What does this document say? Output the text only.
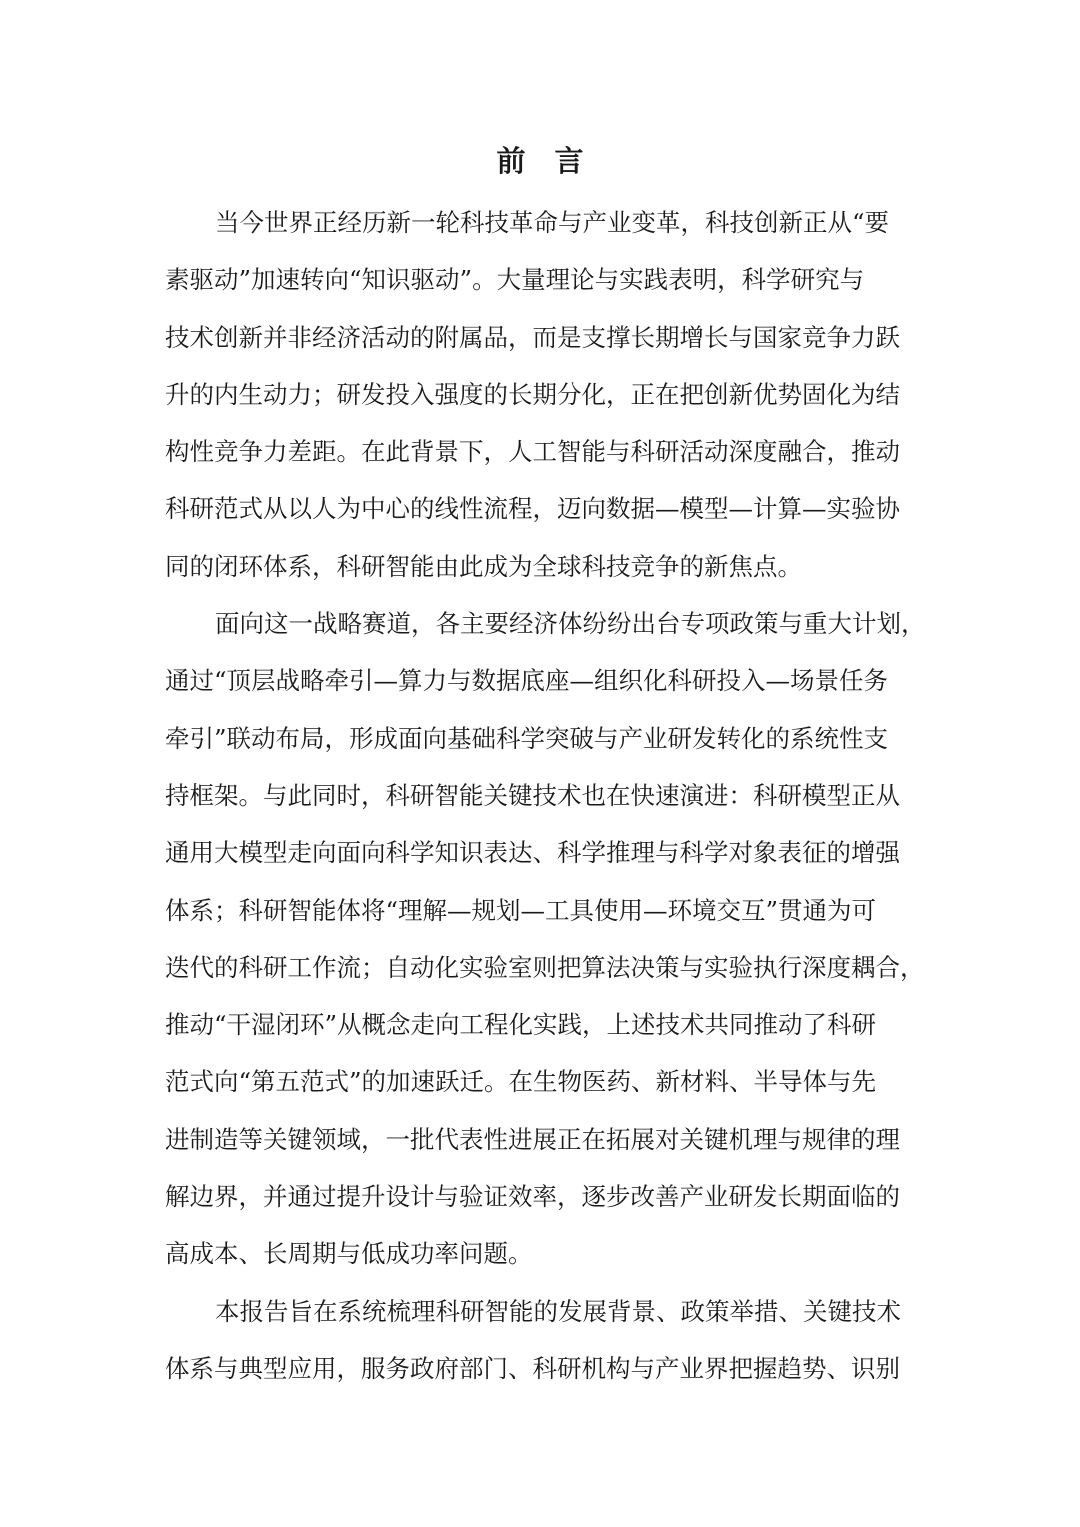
前 言
当今世界正经历新一轮科技革命与产业变革，科技创新正从“要
素驱动”加速转向“知识驱动”。大量理论与实践表明，科学研究与
技术创新并非经济活动的附属品，而是支撑长期增长与国家竞争力跃
升的内生动力；研发投入强度的长期分化，正在把创新优势固化为结
构性竞争力差距。在此背景下，人工智能与科研活动深度融合，推动
科研范式从以人为中心的线性流程，迈向数据—模型—计算—实验协
同的闭环体系，科研智能由此成为全球科技竞争的新焦点。
面向这一战略赛道，各主要经济体纷纷出台专项政策与重大计划，
通过“顶层战略牵引—算力与数据底座—组织化科研投入—场景任务
牵引”联动布局，形成面向基础科学突破与产业研发转化的系统性支
持框架。与此同时，科研智能关键技术也在快速演进：科研模型正从
通用大模型走向面向科学知识表达、科学推理与科学对象表征的增强
体系；科研智能体将“理解—规划—工具使用—环境交互”贯通为可
迭代的科研工作流；自动化实验室则把算法决策与实验执行深度耦合，
推动“干湿闭环”从概念走向工程化实践，上述技术共同推动了科研
范式向“第五范式”的加速跃迁。在生物医药、新材料、半导体与先
进制造等关键领域，一批代表性进展正在拓展对关键机理与规律的理
解边界，并通过提升设计与验证效率，逐步改善产业研发长期面临的
高成本、长周期与低成功率问题。
本报告旨在系统梳理科研智能的发展背景、政策举措、关键技术
体系与典型应用，服务政府部门、科研机构与产业界把握趋势、识别
